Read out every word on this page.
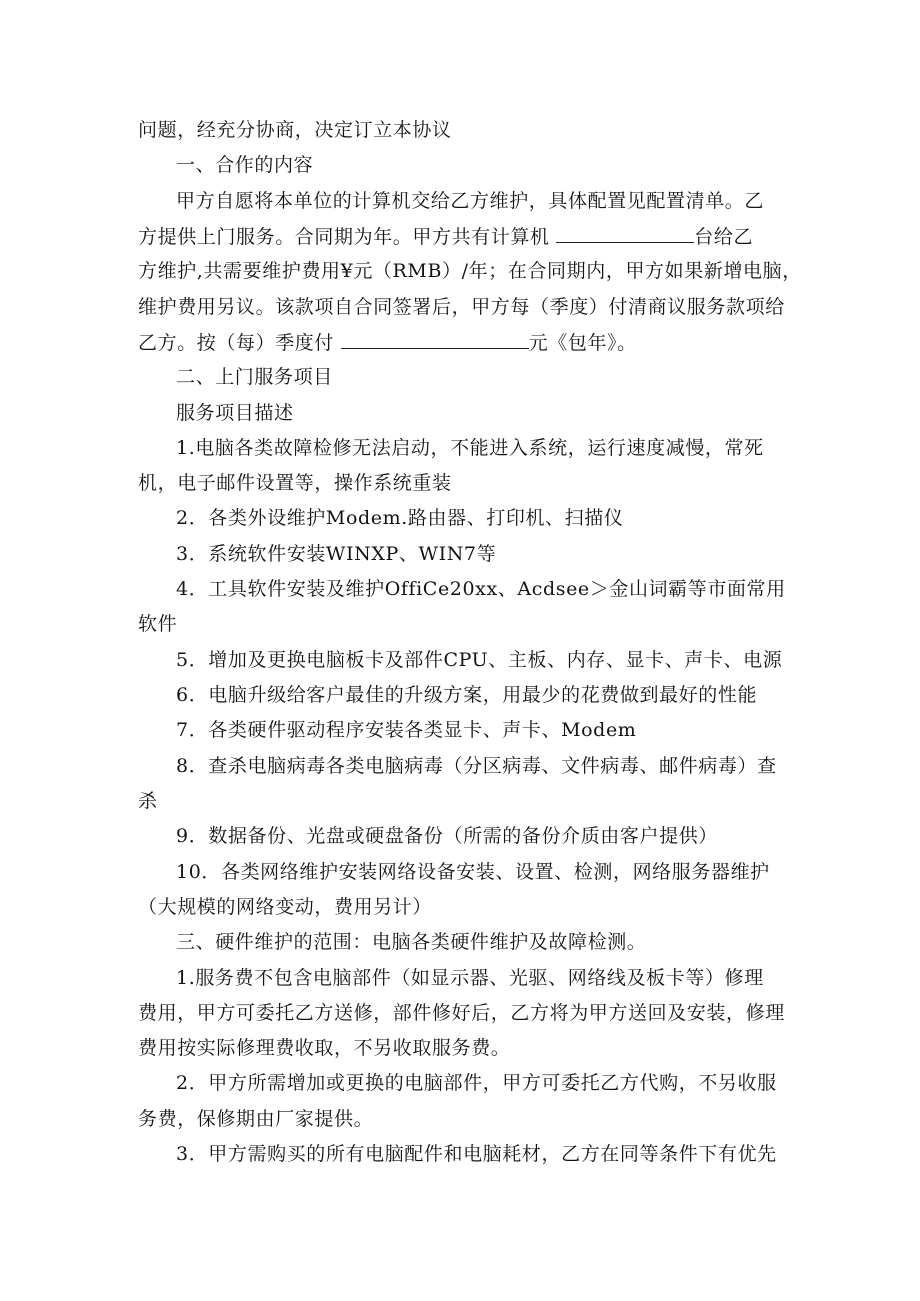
问题，经充分协商，决定订立本协议
一、合作的内容
甲方自愿将本单位的计算机交给乙方维护，具体配置见配置清单。乙
方提供上门服务。合同期为年。甲方共有计算机	台给乙
方维护,共需要维护费用¥元（RMB）/年；在合同期内，甲方如果新增电脑，
维护费用另议。该款项自合同签署后，甲方每（季度）付清商议服务款项给
乙方。按（每）季度付	元《包年》。
二、上门服务项目
服务项目描述
1.电脑各类故障检修无法启动，不能进入系统，运行速度减慢，常死
机，电子邮件设置等，操作系统重装
2．各类外设维护Modem.路由器、打印机、扫描仪
3．系统软件安装WINXP、WIN7等
4．工具软件安装及维护OffiCe20xx、Acdsee＞金山词霸等市面常用
软件
5．增加及更换电脑板卡及部件CPU、主板、内存、显卡、声卡、电源
6．电脑升级给客户最佳的升级方案，用最少的花费做到最好的性能
7．各类硬件驱动程序安装各类显卡、声卡、Modem
8．查杀电脑病毒各类电脑病毒（分区病毒、文件病毒、邮件病毒）查
杀
9．数据备份、光盘或硬盘备份（所需的备份介质由客户提供）
10．各类网络维护安装网络设备安装、设置、检测，网络服务器维护
（大规模的网络变动，费用另计）
三、硬件维护的范围：电脑各类硬件维护及故障检测。
1.服务费不包含电脑部件（如显示器、光驱、网络线及板卡等）修理
费用，甲方可委托乙方送修，部件修好后，乙方将为甲方送回及安装，修理
费用按实际修理费收取，不另收取服务费。
2．甲方所需增加或更换的电脑部件，甲方可委托乙方代购，不另收服
务费，保修期由厂家提供。
3．甲方需购买的所有电脑配件和电脑耗材，乙方在同等条件下有优先
